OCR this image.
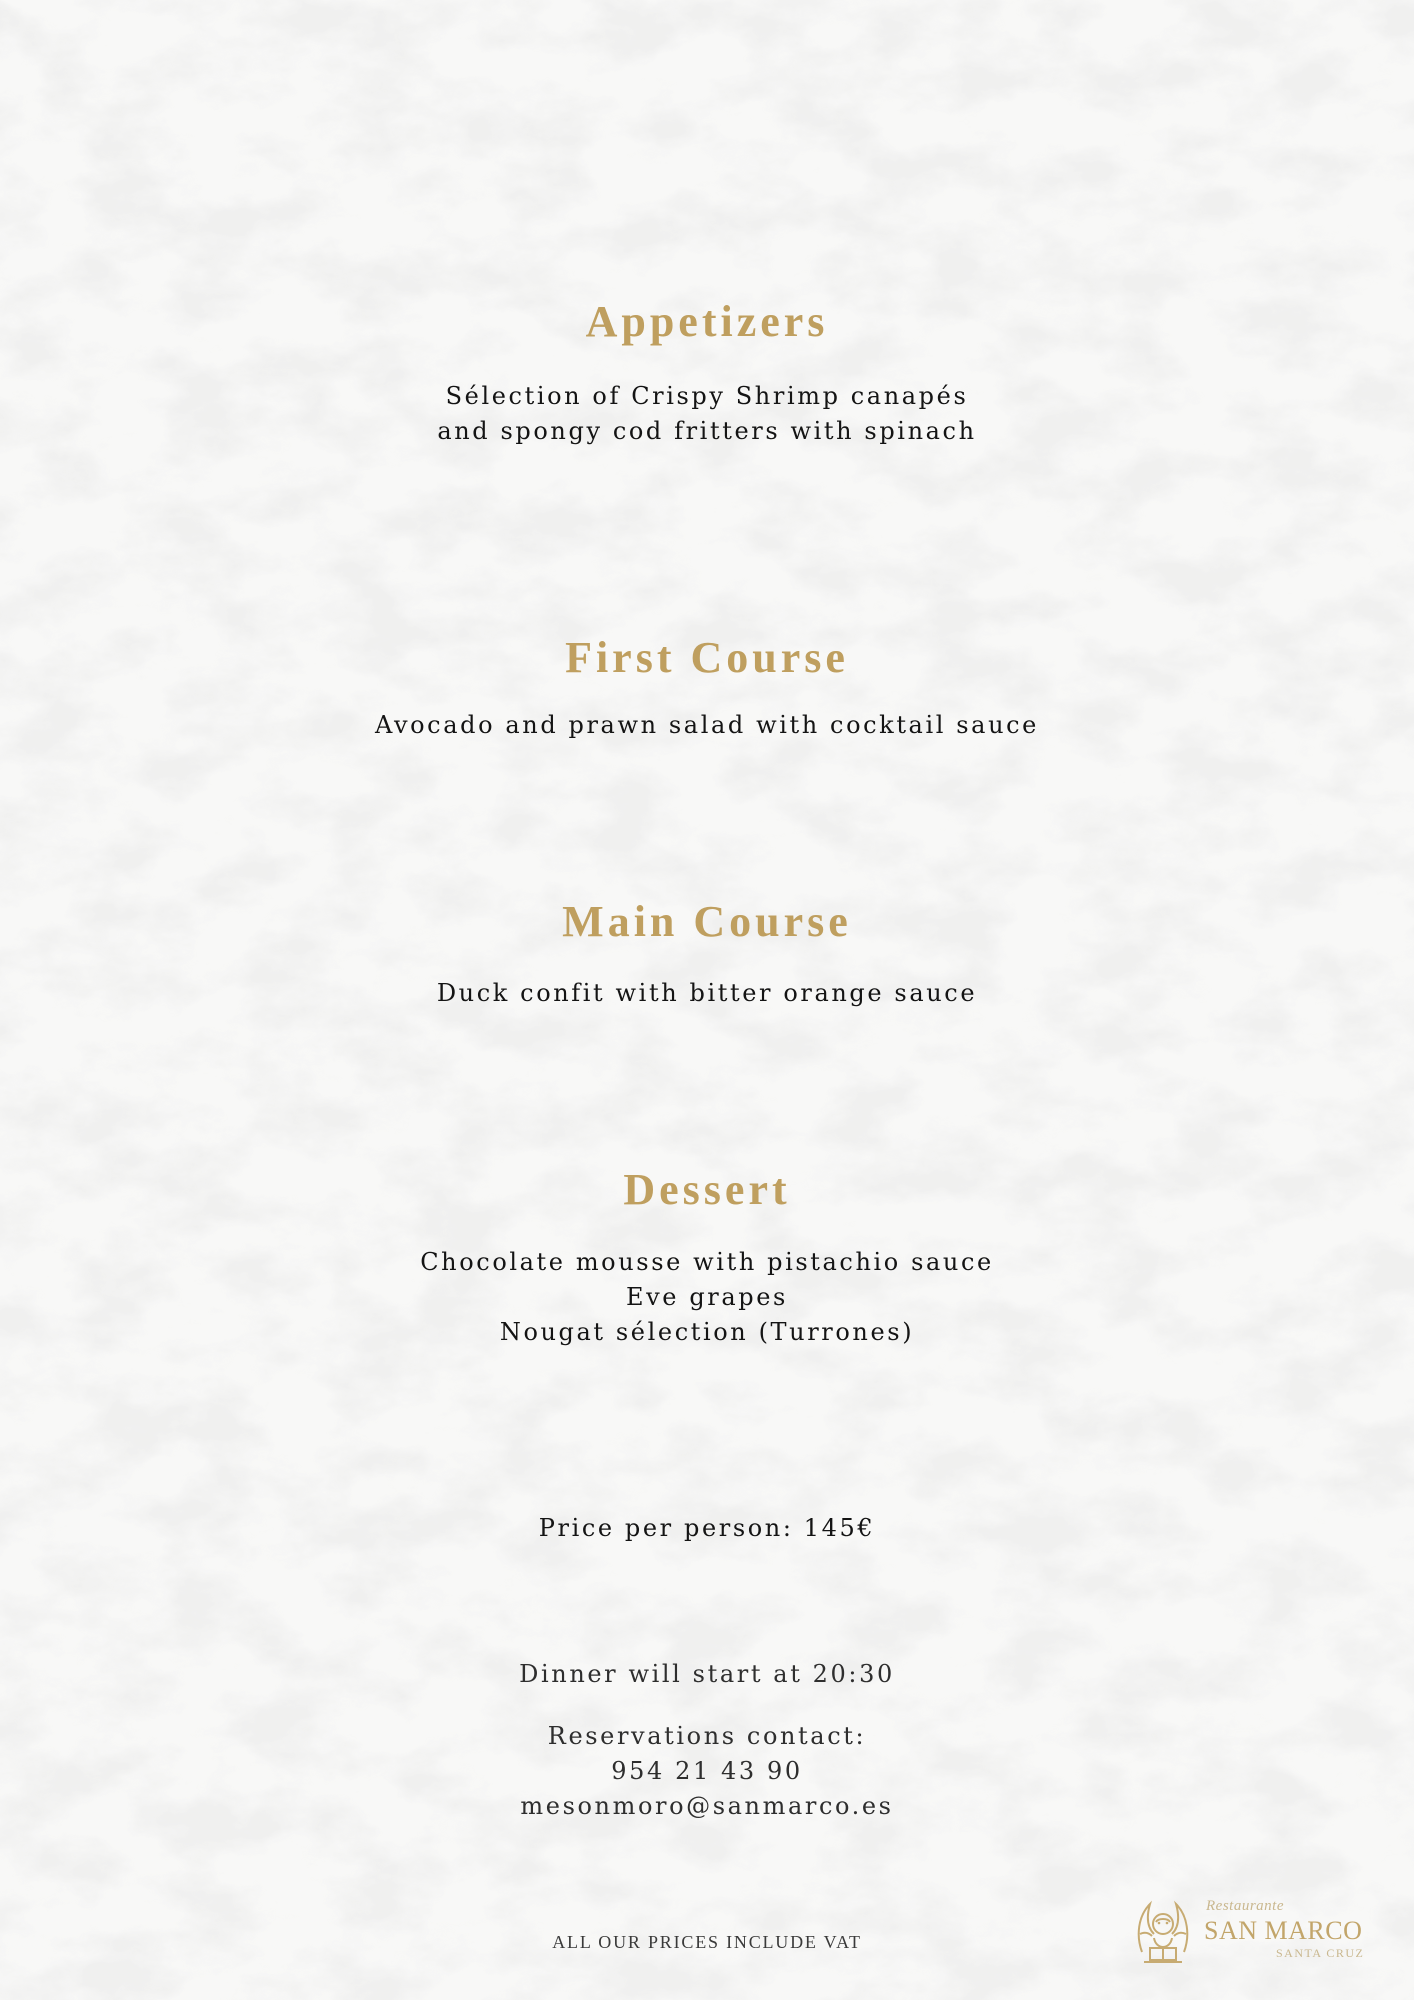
Appetizers
Sélection of Crispy Shrimp canapés
and spongy cod fritters with spinach
First Course
Avocado and prawn salad with cocktail sauce
Main Course
Duck confit with bitter orange sauce
Dessert
Chocolate mousse with pistachio sauce
Eve grapes
Nougat sélection (Turrones)
Price per person: 145€
Dinner will start at 20:30
Reservations contact:
954 21 43 90
mesonmoro@sanmarco.es
ALL OUR PRICES INCLUDE VAT
Restaurante
SAN MARCO
SANTA CRUZ
